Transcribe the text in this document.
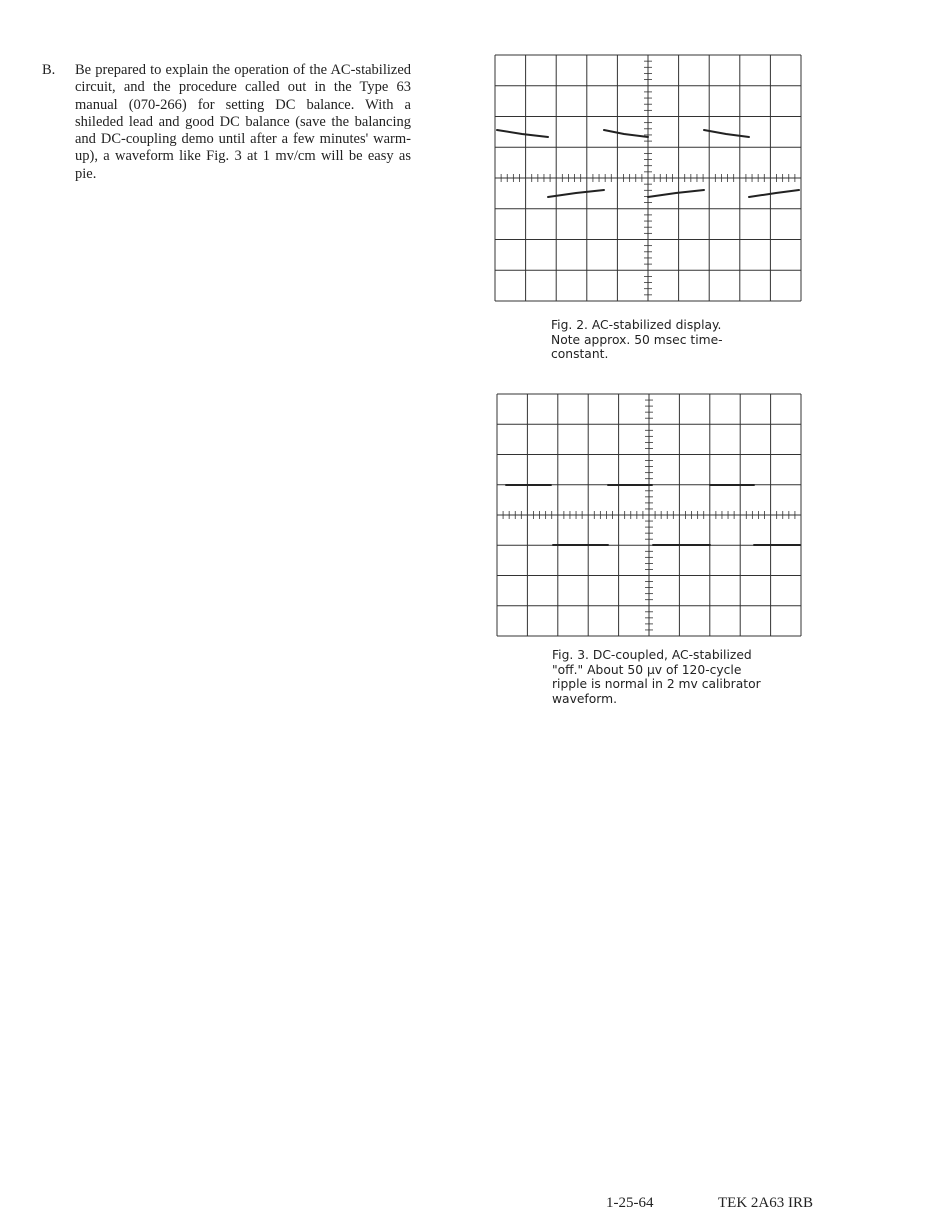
B. Be prepared to explain the operation of the AC-stabilized circuit, and the procedure called out in the Type 63 manual (070-266) for setting DC balance. With a shileded lead and good DC balance (save the balancing and DC-coupling demo until after a few minutes' warm-up), a waveform like Fig. 3 at 1 mv/cm will be easy as pie.
Fig. 2. AC-stabilized display.
Note approx. 50 msec time-
constant.
Fig. 3. DC-coupled, AC-stabilized
"off." About 50 µv of 120-cycle
ripple is normal in 2 mv calibrator
waveform.
1-25-64	TEK 2A63 IRB
